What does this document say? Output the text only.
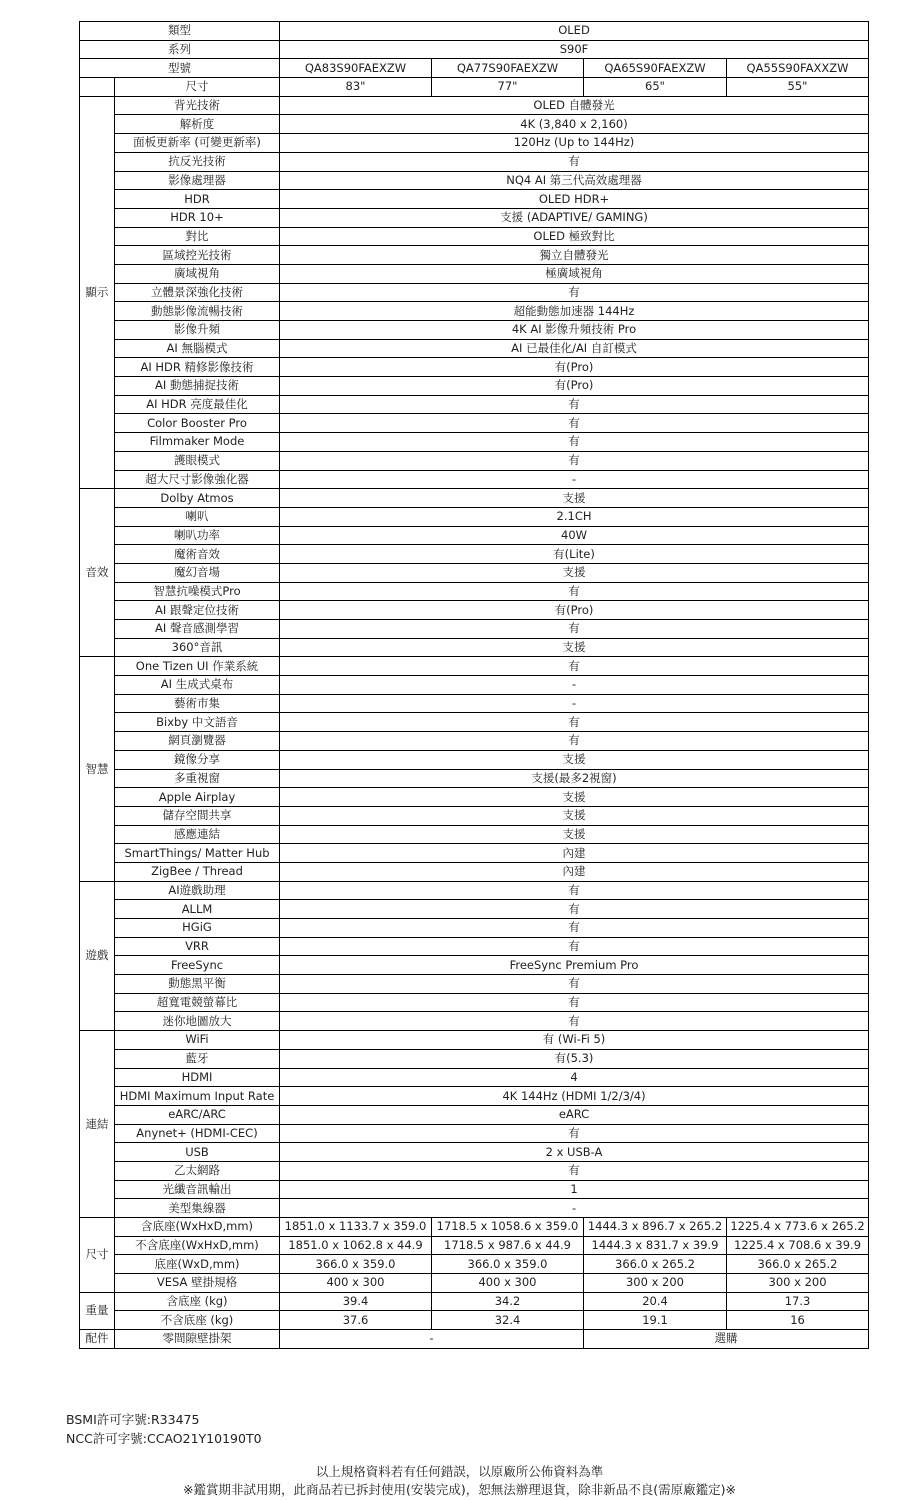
類型		OLED			
系列		S90F			
型號		QA83S90FAEXZW	QA77S90FAEXZW	QA65S90FAEXZW	QA55S90FAXXZW
	尺寸	83"	77"	65"	55"
顯示	背光技術	OLED 自體發光			
	解析度	4K (3,840 x 2,160)			
	面板更新率 (可變更新率)	120Hz (Up to 144Hz)			
	抗反光技術	有			
	影像處理器	NQ4 AI 第三代高效處理器			
	HDR	OLED HDR+			
	HDR 10+	支援 (ADAPTIVE/ GAMING)			
	對比	OLED 極致對比			
	區域控光技術	獨立自體發光			
	廣域視角	極廣域視角			
	立體景深強化技術	有			
	動態影像流暢技術	超能動態加速器 144Hz			
	影像升頻	4K AI 影像升頻技術 Pro			
	AI 無腦模式	AI 已最佳化/AI 自訂模式			
	AI HDR 精修影像技術	有(Pro)			
	AI 動態捕捉技術	有(Pro)			
	AI HDR 亮度最佳化	有			
	Color Booster Pro	有			
	Filmmaker Mode	有			
	護眼模式	有			
	超大尺寸影像強化器	-			
音效	Dolby Atmos	支援			
	喇叭	2.1CH			
	喇叭功率	40W			
	魔術音效	有(Lite)			
	魔幻音場	支援			
	智慧抗噪模式Pro	有			
	AI 跟聲定位技術	有(Pro)			
	AI 聲音感測學習	有			
	360°音訊	支援			
智慧	One Tizen UI 作業系統	有			
	AI 生成式桌布	-			
	藝術市集	-			
	Bixby 中文語音	有			
	網頁瀏覽器	有			
	鏡像分享	支援			
	多重視窗	支援(最多2視窗)			
	Apple Airplay	支援			
	儲存空間共享	支援			
	感應連結	支援			
	SmartThings/ Matter Hub	內建			
	ZigBee / Thread	內建			
遊戲	AI遊戲助理	有			
	ALLM	有			
	HGiG	有			
	VRR	有			
	FreeSync	FreeSync Premium Pro			
	動態黑平衡	有			
	超寬電競螢幕比	有			
	迷你地圖放大	有			
連結	WiFi	有 (Wi-Fi 5)			
	藍牙	有(5.3)			
	HDMI	4			
	HDMI Maximum Input Rate	4K 144Hz (HDMI 1/2/3/4)			
	eARC/ARC	eARC			
	Anynet+ (HDMI-CEC)	有			
	USB	2 x USB-A			
	乙太網路	有			
	光纖音訊輸出	1			
	美型集線器	-			
尺寸	含底座(WxHxD,mm)	1851.0 x 1133.7 x 359.0	1718.5 x 1058.6 x 359.0	1444.3 x 896.7 x 265.2	1225.4 x 773.6 x 265.2
	不含底座(WxHxD,mm)	1851.0 x 1062.8 x 44.9	1718.5 x 987.6 x 44.9	1444.3 x 831.7 x 39.9	1225.4 x 708.6 x 39.9
	底座(WxD,mm)	366.0 x 359.0	366.0 x 359.0	366.0 x 265.2	366.0 x 265.2
	VESA 壁掛規格	400 x 300	400 x 300	300 x 200	300 x 200
重量	含底座 (kg)	39.4	34.2	20.4	17.3
	不含底座 (kg)	37.6	32.4	19.1	16
配件	零間隙壁掛架	-		選購	
BSMI許可字號:R33475
NCC許可字號:CCAO21Y10190T0
以上規格資料若有任何錯誤，以原廠所公佈資料為準
※鑑賞期非試用期，此商品若已拆封使用(安裝完成)，恕無法辦理退貨，除非新品不良(需原廠鑑定)※
